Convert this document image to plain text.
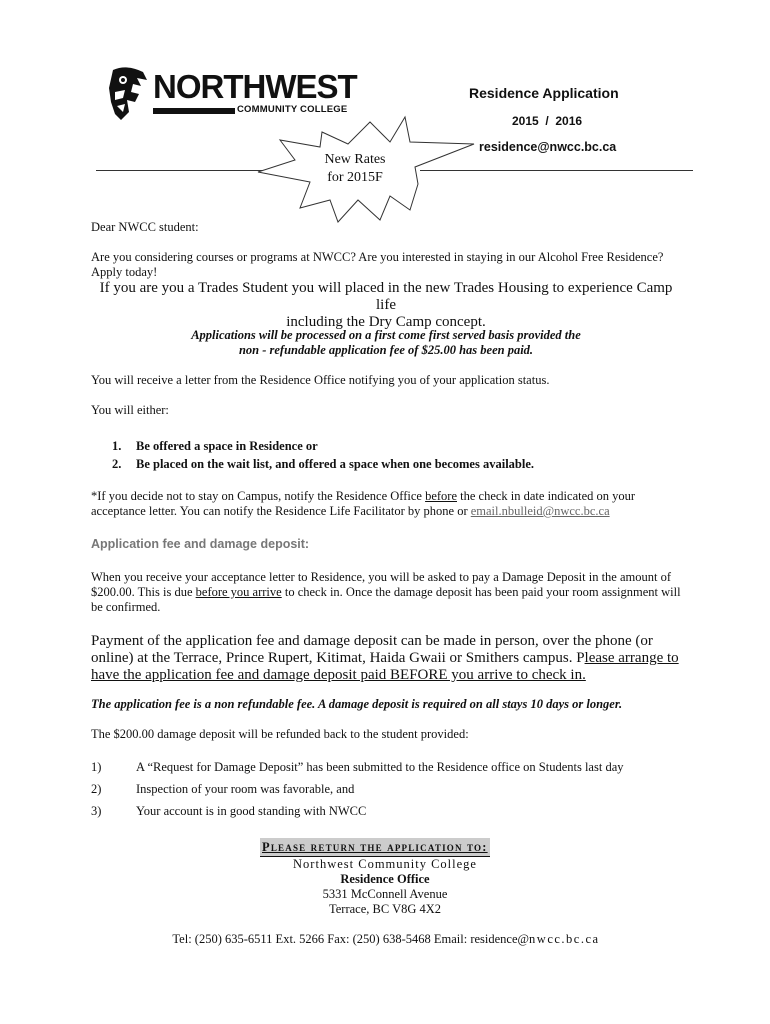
NORTHWEST
COMMUNITY COLLEGE
Residence Application
2015  /  2016
residence@nwcc.bc.ca
New Rates
for 2015F
Dear NWCC student:
Are you considering courses or programs at NWCC? Are you interested in staying in our Alcohol Free Residence? Apply today!
If you are you a Trades Student you will placed in the new Trades Housing to experience Camp life
including the Dry Camp concept.
Applications will be processed on a first come first served basis provided the
non - refundable application fee of $25.00 has been paid.
You will receive a letter from the Residence Office notifying you of your application status.
You will either:
1. Be offered a space in Residence or
2. Be placed on the wait list, and offered a space when one becomes available.
*If you decide not to stay on Campus, notify the Residence Office before the check in date indicated on your acceptance letter. You can notify the Residence Life Facilitator by phone or email.nbulleid@nwcc.bc.ca
Application fee and damage deposit:
When you receive your acceptance letter to Residence, you will be asked to pay a Damage Deposit in the amount of $200.00. This is due before you arrive to check in. Once the damage deposit has been paid your room assignment will be confirmed.
Payment of the application fee and damage deposit can be made in person, over the phone (or online) at the Terrace, Prince Rupert, Kitimat, Haida Gwaii or Smithers campus. Please arrange to have the application fee and damage deposit paid BEFORE you arrive to check in.
The application fee is a non refundable fee. A damage deposit is required on all stays 10 days or longer.
The $200.00 damage deposit will be refunded back to the student provided:
1)	A “Request for Damage Deposit” has been submitted to the Residence office on Students last day
2)	Inspection of your room was favorable, and
3)	Your account is in good standing with NWCC
Please return the application to:
Northwest Community College
Residence Office
5331 McConnell Avenue
Terrace, BC V8G 4X2
Tel: (250) 635-6511 Ext. 5266 Fax: (250) 638-5468 Email: residence@nwcc.bc.ca
